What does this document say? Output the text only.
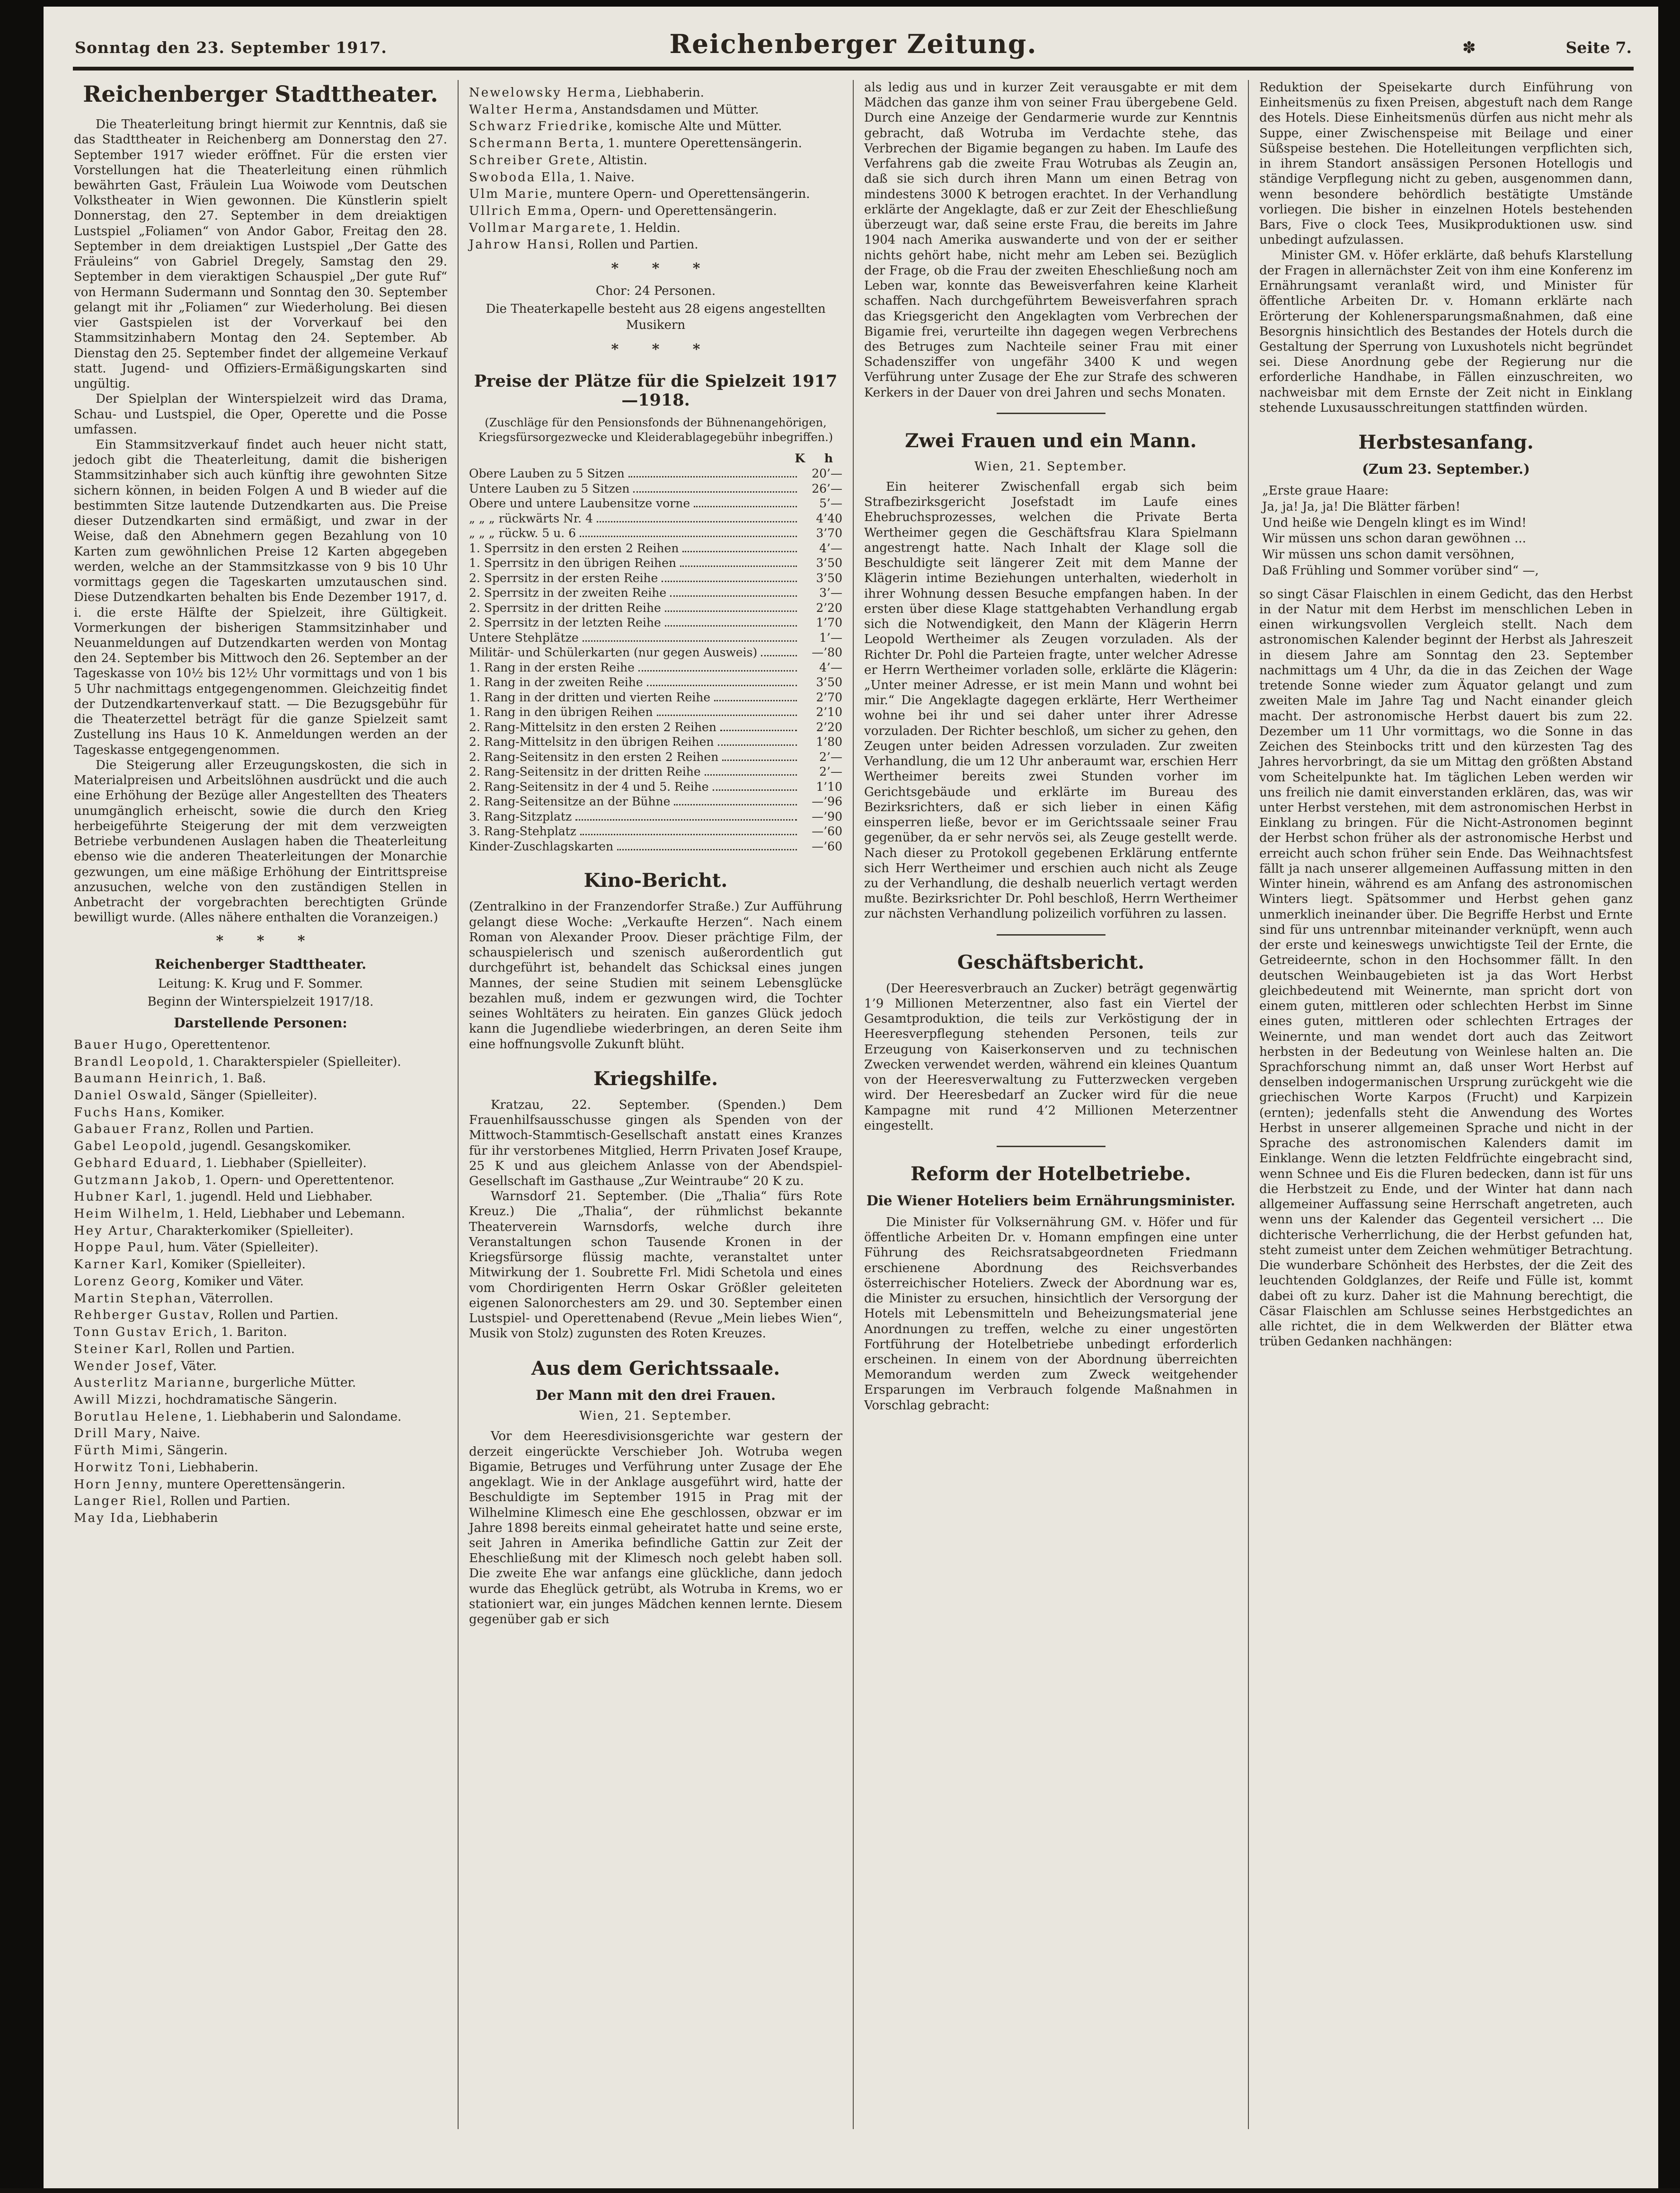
Sonntag den 23. September 1917.	Reichenberger Zeitung.	✽	Seite 7.
Reichenberger Stadttheater.

Die Theaterleitung bringt hiermit zur Kenntnis, daß sie das Stadttheater in Reichenberg am Donnerstag den 27. September 1917 wieder eröffnet. Für die ersten vier Vorstellungen hat die Theaterleitung einen rühmlich bewährten Gast, Fräulein Lua Woiwode vom Deutschen Volkstheater in Wien gewonnen. Die Künstlerin spielt Donnerstag, den 27. September in dem dreiaktigen Lustspiel „Foliamen“ von Andor Gabor, Freitag den 28. September in dem dreiaktigen Lustspiel „Der Gatte des Fräuleins“ von Gabriel Dregely, Samstag den 29. September in dem vieraktigen Schauspiel „Der gute Ruf“ von Hermann Sudermann und Sonntag den 30. September gelangt mit ihr „Foliamen“ zur Wiederholung. Bei diesen vier Gastspielen ist der Vorverkauf bei den Stammsitzinhabern Montag den 24. September. Ab Dienstag den 25. September findet der allgemeine Verkauf statt. Jugend- und Offiziers-Ermäßigungskarten sind ungültig.

Der Spielplan der Winterspielzeit wird das Drama, Schau- und Lustspiel, die Oper, Operette und die Posse umfassen.

Ein Stammsitzverkauf findet auch heuer nicht statt, jedoch gibt die Theaterleitung, damit die bisherigen Stammsitzinhaber sich auch künftig ihre gewohnten Sitze sichern können, in beiden Folgen A und B wieder auf die bestimmten Sitze lautende Dutzendkarten aus. Die Preise dieser Dutzendkarten sind ermäßigt, und zwar in der Weise, daß den Abnehmern gegen Bezahlung von 10 Karten zum gewöhnlichen Preise 12 Karten abgegeben werden, welche an der Stammsitzkasse von 9 bis 10 Uhr vormittags gegen die Tageskarten umzutauschen sind. Diese Dutzendkarten behalten bis Ende Dezember 1917, d. i. die erste Hälfte der Spielzeit, ihre Gültigkeit. Vormerkungen der bisherigen Stammsitzinhaber und Neuanmeldungen auf Dutzendkarten werden von Montag den 24. September bis Mittwoch den 26. September an der Tageskasse von 10½ bis 12½ Uhr vormittags und von 1 bis 5 Uhr nachmittags entgegengenommen. Gleichzeitig findet der Dutzendkartenverkauf statt. — Die Bezugsgebühr für die Theaterzettel beträgt für die ganze Spielzeit samt Zustellung ins Haus 10 K. Anmeldungen werden an der Tageskasse entgegengenommen.

Die Steigerung aller Erzeugungskosten, die sich in Materialpreisen und Arbeitslöhnen ausdrückt und die auch eine Erhöhung der Bezüge aller Angestellten des Theaters unumgänglich erheischt, sowie die durch den Krieg herbeigeführte Steigerung der mit dem verzweigten Betriebe verbundenen Auslagen haben die Theaterleitung ebenso wie die anderen Theaterleitungen der Monarchie gezwungen, um eine mäßige Erhöhung der Eintrittspreise anzusuchen, welche von den zuständigen Stellen in Anbetracht der vorgebrachten berechtigten Gründe bewilligt wurde. (Alles nähere enthalten die Voranzeigen.)

* * *
Reichenberger Stadttheater.
Leitung: K. Krug und F. Sommer.
Beginn der Winterspielzeit 1917/18.
Darstellende Personen:
Bauer Hugo, Operettentenor.
Brandl Leopold, 1. Charakterspieler (Spielleiter).
Baumann Heinrich, 1. Baß.
Daniel Oswald, Sänger (Spielleiter).
Fuchs Hans, Komiker.
Gabauer Franz, Rollen und Partien.
Gabel Leopold, jugendl. Gesangskomiker.
Gebhard Eduard, 1. Liebhaber (Spielleiter).
Gutzmann Jakob, 1. Opern- und Operettentenor.
Hubner Karl, 1. jugendl. Held und Liebhaber.
Heim Wilhelm, 1. Held, Liebhaber und Lebemann.
Hey Artur, Charakterkomiker (Spielleiter).
Hoppe Paul, hum. Väter (Spielleiter).
Karner Karl, Komiker (Spielleiter).
Lorenz Georg, Komiker und Väter.
Martin Stephan, Väterrollen.
Rehberger Gustav, Rollen und Partien.
Tonn Gustav Erich, 1. Bariton.
Steiner Karl, Rollen und Partien.
Wender Josef, Väter.
Austerlitz Marianne, burgerliche Mütter.
Awill Mizzi, hochdramatische Sängerin.
Borutlau Helene, 1. Liebhaberin und Salondame.
Drill Mary, Naive.
Fürth Mimi, Sängerin.
Horwitz Toni, Liebhaberin.
Horn Jenny, muntere Operettensängerin.
Langer Riel, Rollen und Partien.
May Ida, Liebhaberin
Newelowsky Herma, Liebhaberin.
Walter Herma, Anstandsdamen und Mütter.
Schwarz Friedrike, komische Alte und Mütter.
Schermann Berta, 1. muntere Operettensängerin.
Schreiber Grete, Altistin.
Swoboda Ella, 1. Naive.
Ulm Marie, muntere Opern- und Operettensängerin.
Ullrich Emma, Opern- und Operettensängerin.
Vollmar Margarete, 1. Heldin.
Jahrow Hansi, Rollen und Partien.
* * *
Chor: 24 Personen.
Die Theaterkapelle besteht aus 28 eigens angestellten Musikern
* * *
Preise der Plätze für die Spielzeit 1917—1918.
(Zuschläge für den Pensionsfonds der Bühnenangehörigen, Kriegsfürsorgezwecke und Kleiderablagegebühr inbegriffen.)
K h
Obere Lauben zu 5 Sitzen	20’—
Untere Lauben zu 5 Sitzen	26’—
Obere und untere Laubensitze vorne	5’—
„ „ „ rückwärts Nr. 4	4’40
„ „ „ rückw. 5 u. 6	3’70
1. Sperrsitz in den ersten 2 Reihen	4’—
1. Sperrsitz in den übrigen Reihen	3’50
2. Sperrsitz in der ersten Reihe	3’50
2. Sperrsitz in der zweiten Reihe	3’—
2. Sperrsitz in der dritten Reihe	2’20
2. Sperrsitz in der letzten Reihe	1’70
Untere Stehplätze	1’—
Militär- und Schülerkarten (nur gegen Ausweis)	—’80
1. Rang in der ersten Reihe	4’—
1. Rang in der zweiten Reihe	3’50
1. Rang in der dritten und vierten Reihe	2’70
1. Rang in den übrigen Reihen	2’10
2. Rang-Mittelsitz in den ersten 2 Reihen	2’20
2. Rang-Mittelsitz in den übrigen Reihen	1’80
2. Rang-Seitensitz in den ersten 2 Reihen	2’—
2. Rang-Seitensitz in der dritten Reihe	2’—
2. Rang-Seitensitz in der 4 und 5. Reihe	1’10
2. Rang-Seitensitze an der Bühne	—’96
3. Rang-Sitzplatz	—’90
3. Rang-Stehplatz	—’60
Kinder-Zuschlagskarten	—’60
Kino-Bericht.

(Zentralkino in der Franzendorfer Straße.) Zur Aufführung gelangt diese Woche: „Verkaufte Herzen“. Nach einem Roman von Alexander Proov. Dieser prächtige Film, der schauspielerisch und szenisch außerordentlich gut durchgeführt ist, behandelt das Schicksal eines jungen Mannes, der seine Studien mit seinem Lebensglücke bezahlen muß, indem er gezwungen wird, die Tochter seines Wohltäters zu heiraten. Ein ganzes Glück jedoch kann die Jugendliebe wiederbringen, an deren Seite ihm eine hoffnungsvolle Zukunft blüht.

Kriegshilfe.

Kratzau, 22. September. (Spenden.) Dem Frauenhilfsausschusse gingen als Spenden von der Mittwoch-Stammtisch-Gesellschaft anstatt eines Kranzes für ihr verstorbenes Mitglied, Herrn Privaten Josef Kraupe, 25 K und aus gleichem Anlasse von der Abendspiel-Gesellschaft im Gasthause „Zur Weintraube“ 20 K zu.

Warnsdorf 21. September. (Die „Thalia“ fürs Rote Kreuz.) Die „Thalia“, der rühmlichst bekannte Theaterverein Warnsdorfs, welche durch ihre Veranstaltungen schon Tausende Kronen in der Kriegsfürsorge flüssig machte, veranstaltet unter Mitwirkung der 1. Soubrette Frl. Midi Schetola und eines vom Chordirigenten Herrn Oskar Größler geleiteten eigenen Salonorchesters am 29. und 30. September einen Lustspiel- und Operettenabend (Revue „Mein liebes Wien“, Musik von Stolz) zugunsten des Roten Kreuzes.

Aus dem Gerichtssaale.
Der Mann mit den drei Frauen.
Wien, 21. September.

Vor dem Heeresdivisionsgerichte war gestern der derzeit eingerückte Verschieber Joh. Wotruba wegen Bigamie, Betruges und Verführung unter Zusage der Ehe angeklagt. Wie in der Anklage ausgeführt wird, hatte der Beschuldigte im September 1915 in Prag mit der Wilhelmine Klimesch eine Ehe geschlossen, obzwar er im Jahre 1898 bereits einmal geheiratet hatte und seine erste, seit Jahren in Amerika befindliche Gattin zur Zeit der Eheschließung mit der Klimesch noch gelebt haben soll. Die zweite Ehe war anfangs eine glückliche, dann jedoch wurde das Eheglück getrübt, als Wotruba in Krems, wo er stationiert war, ein junges Mädchen kennen lernte. Diesem gegenüber gab er sich

als ledig aus und in kurzer Zeit verausgabte er mit dem Mädchen das ganze ihm von seiner Frau übergebene Geld. Durch eine Anzeige der Gendarmerie wurde zur Kenntnis gebracht, daß Wotruba im Verdachte stehe, das Verbrechen der Bigamie begangen zu haben. Im Laufe des Verfahrens gab die zweite Frau Wotrubas als Zeugin an, daß sie sich durch ihren Mann um einen Betrag von mindestens 3000 K betrogen erachtet. In der Verhandlung erklärte der Angeklagte, daß er zur Zeit der Eheschließung überzeugt war, daß seine erste Frau, die bereits im Jahre 1904 nach Amerika auswanderte und von der er seither nichts gehört habe, nicht mehr am Leben sei. Bezüglich der Frage, ob die Frau der zweiten Eheschließung noch am Leben war, konnte das Beweisverfahren keine Klarheit schaffen. Nach durchgeführtem Beweisverfahren sprach das Kriegsgericht den Angeklagten vom Verbrechen der Bigamie frei, verurteilte ihn dagegen wegen Verbrechens des Betruges zum Nachteile seiner Frau mit einer Schadensziffer von ungefähr 3400 K und wegen Verführung unter Zusage der Ehe zur Strafe des schweren Kerkers in der Dauer von drei Jahren und sechs Monaten.

Zwei Frauen und ein Mann.
Wien, 21. September.

Ein heiterer Zwischenfall ergab sich beim Strafbezirksgericht Josefstadt im Laufe eines Ehebruchsprozesses, welchen die Private Berta Wertheimer gegen die Geschäftsfrau Klara Spielmann angestrengt hatte. Nach Inhalt der Klage soll die Beschuldigte seit längerer Zeit mit dem Manne der Klägerin intime Beziehungen unterhalten, wiederholt in ihrer Wohnung dessen Besuche empfangen haben. In der ersten über diese Klage stattgehabten Verhandlung ergab sich die Notwendigkeit, den Mann der Klägerin Herrn Leopold Wertheimer als Zeugen vorzuladen. Als der Richter Dr. Pohl die Parteien fragte, unter welcher Adresse er Herrn Wertheimer vorladen solle, erklärte die Klägerin: „Unter meiner Adresse, er ist mein Mann und wohnt bei mir.“ Die Angeklagte dagegen erklärte, Herr Wertheimer wohne bei ihr und sei daher unter ihrer Adresse vorzuladen. Der Richter beschloß, um sicher zu gehen, den Zeugen unter beiden Adressen vorzuladen. Zur zweiten Verhandlung, die um 12 Uhr anberaumt war, erschien Herr Wertheimer bereits zwei Stunden vorher im Gerichtsgebäude und erklärte im Bureau des Bezirksrichters, daß er sich lieber in einen Käfig einsperren ließe, bevor er im Gerichtssaale seiner Frau gegenüber, da er sehr nervös sei, als Zeuge gestellt werde. Nach dieser zu Protokoll gegebenen Erklärung entfernte sich Herr Wertheimer und erschien auch nicht als Zeuge zu der Verhandlung, die deshalb neuerlich vertagt werden mußte. Bezirksrichter Dr. Pohl beschloß, Herrn Wertheimer zur nächsten Verhandlung polizeilich vorführen zu lassen.

Geschäftsbericht.

(Der Heeresverbrauch an Zucker) beträgt gegenwärtig 1’9 Millionen Meterzentner, also fast ein Viertel der Gesamtproduktion, die teils zur Verköstigung der in Heeresverpflegung stehenden Personen, teils zur Erzeugung von Kaiserkonserven und zu technischen Zwecken verwendet werden, während ein kleines Quantum von der Heeresverwaltung zu Futterzwecken vergeben wird. Der Heeresbedarf an Zucker wird für die neue Kampagne mit rund 4’2 Millionen Meterzentner eingestellt.

Reform der Hotelbetriebe.
Die Wiener Hoteliers beim Ernährungsminister.

Die Minister für Volksernährung GM. v. Höfer und für öffentliche Arbeiten Dr. v. Homann empfingen eine unter Führung des Reichsratsabgeordneten Friedmann erschienene Abordnung des Reichsverbandes österreichischer Hoteliers. Zweck der Abordnung war es, die Minister zu ersuchen, hinsichtlich der Versorgung der Hotels mit Lebensmitteln und Beheizungsmaterial jene Anordnungen zu treffen, welche zu einer ungestörten Fortführung der Hotelbetriebe unbedingt erforderlich erscheinen. In einem von der Abordnung überreichten Memorandum werden zum Zweck weitgehender Ersparungen im Verbrauch folgende Maßnahmen in Vorschlag gebracht:

Reduktion der Speisekarte durch Einführung von Einheitsmenüs zu fixen Preisen, abgestuft nach dem Range des Hotels. Diese Einheitsmenüs dürfen aus nicht mehr als Suppe, einer Zwischenspeise mit Beilage und einer Süßspeise bestehen. Die Hotelleitungen verpflichten sich, in ihrem Standort ansässigen Personen Hotellogis und ständige Verpflegung nicht zu geben, ausgenommen dann, wenn besondere behördlich bestätigte Umstände vorliegen. Die bisher in einzelnen Hotels bestehenden Bars, Five o clock Tees, Musikproduktionen usw. sind unbedingt aufzulassen.

Minister GM. v. Höfer erklärte, daß behufs Klarstellung der Fragen in allernächster Zeit von ihm eine Konferenz im Ernährungsamt veranlaßt wird, und Minister für öffentliche Arbeiten Dr. v. Homann erklärte nach Erörterung der Kohlenersparungsmaßnahmen, daß eine Besorgnis hinsichtlich des Bestandes der Hotels durch die Gestaltung der Sperrung von Luxushotels nicht begründet sei. Diese Anordnung gebe der Regierung nur die erforderliche Handhabe, in Fällen einzuschreiten, wo nachweisbar mit dem Ernste der Zeit nicht in Einklang stehende Luxusausschreitungen stattfinden würden.

Herbstesanfang.
(Zum 23. September.)
„Erste graue Haare:
Ja, ja! Ja, ja! Die Blätter färben!
Und heiße wie Dengeln klingt es im Wind!
Wir müssen uns schon daran gewöhnen ...
Wir müssen uns schon damit versöhnen,
Daß Frühling und Sommer vorüber sind“ —,

so singt Cäsar Flaischlen in einem Gedicht, das den Herbst in der Natur mit dem Herbst im menschlichen Leben in einen wirkungsvollen Vergleich stellt. Nach dem astronomischen Kalender beginnt der Herbst als Jahreszeit in diesem Jahre am Sonntag den 23. September nachmittags um 4 Uhr, da die in das Zeichen der Wage tretende Sonne wieder zum Äquator gelangt und zum zweiten Male im Jahre Tag und Nacht einander gleich macht. Der astronomische Herbst dauert bis zum 22. Dezember um 11 Uhr vormittags, wo die Sonne in das Zeichen des Steinbocks tritt und den kürzesten Tag des Jahres hervorbringt, da sie um Mittag den größten Abstand vom Scheitelpunkte hat. Im täglichen Leben werden wir uns freilich nie damit einverstanden erklären, das, was wir unter Herbst verstehen, mit dem astronomischen Herbst in Einklang zu bringen. Für die Nicht-Astronomen beginnt der Herbst schon früher als der astronomische Herbst und erreicht auch schon früher sein Ende. Das Weihnachtsfest fällt ja nach unserer allgemeinen Auffassung mitten in den Winter hinein, während es am Anfang des astronomischen Winters liegt. Spätsommer und Herbst gehen ganz unmerklich ineinander über. Die Begriffe Herbst und Ernte sind für uns untrennbar miteinander verknüpft, wenn auch der erste und keineswegs unwichtigste Teil der Ernte, die Getreideernte, schon in den Hochsommer fällt. In den deutschen Weinbaugebieten ist ja das Wort Herbst gleichbedeutend mit Weinernte, man spricht dort von einem guten, mittleren oder schlechten Herbst im Sinne eines guten, mittleren oder schlechten Ertrages der Weinernte, und man wendet dort auch das Zeitwort herbsten in der Bedeutung von Weinlese halten an. Die Sprachforschung nimmt an, daß unser Wort Herbst auf denselben indogermanischen Ursprung zurückgeht wie die griechischen Worte Karpos (Frucht) und Karpizein (ernten); jedenfalls steht die Anwendung des Wortes Herbst in unserer allgemeinen Sprache und nicht in der Sprache des astronomischen Kalenders damit im Einklange. Wenn die letzten Feldfrüchte eingebracht sind, wenn Schnee und Eis die Fluren bedecken, dann ist für uns die Herbstzeit zu Ende, und der Winter hat dann nach allgemeiner Auffassung seine Herrschaft angetreten, auch wenn uns der Kalender das Gegenteil versichert ... Die dichterische Verherrlichung, die der Herbst gefunden hat, steht zumeist unter dem Zeichen wehmütiger Betrachtung. Die wunderbare Schönheit des Herbstes, der die Zeit des leuchtenden Goldglanzes, der Reife und Fülle ist, kommt dabei oft zu kurz. Daher ist die Mahnung berechtigt, die Cäsar Flaischlen am Schlusse seines Herbstgedichtes an alle richtet, die in dem Welkwerden der Blätter etwa trüben Gedanken nachhängen:
